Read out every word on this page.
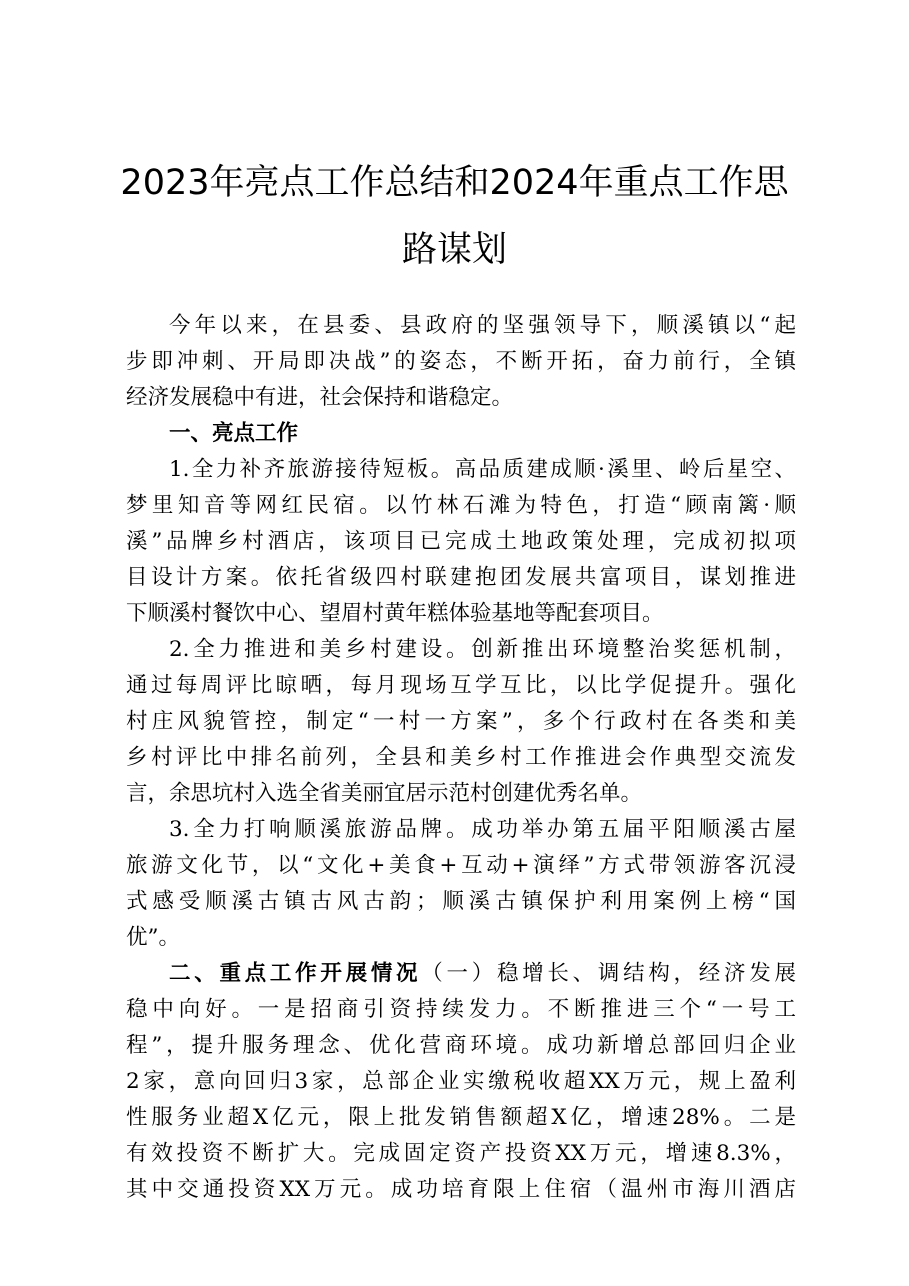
2023年亮点工作总结和2024年重点工作思
路谋划

今年以来，在县委、县政府的坚强领导下，顺溪镇以“起
步即冲刺、开局即决战”的姿态，不断开拓，奋力前行，全镇
经济发展稳中有进，社会保持和谐稳定。

一、亮点工作

1.全力补齐旅游接待短板。高品质建成顺·溪里、岭后星空、
梦里知音等网红民宿。以竹林石滩为特色，打造“顾南篱·顺
溪”品牌乡村酒店，该项目已完成土地政策处理，完成初拟项
目设计方案。依托省级四村联建抱团发展共富项目，谋划推进
下顺溪村餐饮中心、望眉村黄年糕体验基地等配套项目。

2.全力推进和美乡村建设。创新推出环境整治奖惩机制，
通过每周评比晾晒，每月现场互学互比，以比学促提升。强化
村庄风貌管控，制定“一村一方案”，多个行政村在各类和美
乡村评比中排名前列，全县和美乡村工作推进会作典型交流发
言，余思坑村入选全省美丽宜居示范村创建优秀名单。

3.全力打响顺溪旅游品牌。成功举办第五届平阳顺溪古屋
旅游文化节，以“文化+美食+互动+演绎”方式带领游客沉浸
式感受顺溪古镇古风古韵；顺溪古镇保护利用案例上榜“国
优”。

二、重点工作开展情况（一）稳增长、调结构，经济发展
稳中向好。一是招商引资持续发力。不断推进三个“一号工
程”，提升服务理念、优化营商环境。成功新增总部回归企业
2家，意向回归3家，总部企业实缴税收超XX万元，规上盈利
性服务业超X亿元，限上批发销售额超X亿，增速28%。二是
有效投资不断扩大。完成固定资产投资XX万元，增速8.3%，
其中交通投资XX万元。成功培育限上住宿（温州市海川酒店
